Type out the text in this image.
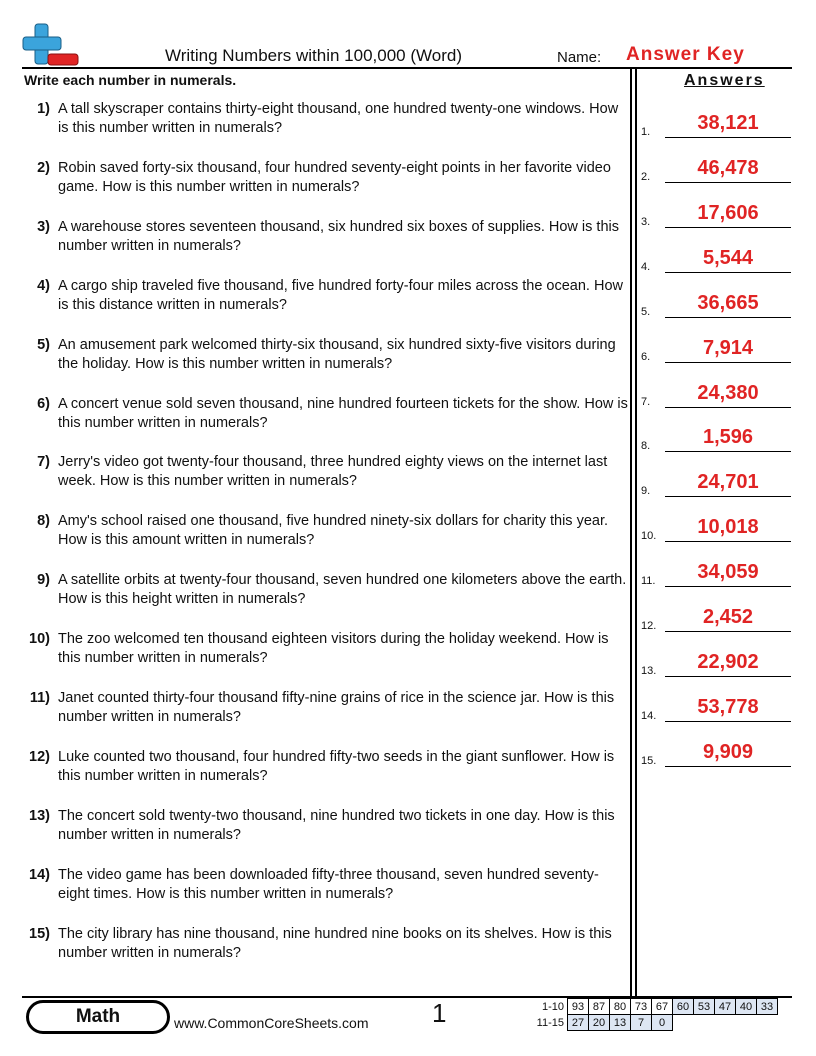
Writing Numbers within 100,000 (Word)	Name: Answer Key
Write each number in numerals.	Answers
1) A tall skyscraper contains thirty-eight thousand, one hundred twenty-one windows. How is this number written in numerals?
2) Robin saved forty-six thousand, four hundred seventy-eight points in her favorite video game. How is this number written in numerals?
3) A warehouse stores seventeen thousand, six hundred six boxes of supplies. How is this number written in numerals?
4) A cargo ship traveled five thousand, five hundred forty-four miles across the ocean. How is this distance written in numerals?
5) An amusement park welcomed thirty-six thousand, six hundred sixty-five visitors during the holiday. How is this number written in numerals?
6) A concert venue sold seven thousand, nine hundred fourteen tickets for the show. How is this number written in numerals?
7) Jerry's video got twenty-four thousand, three hundred eighty views on the internet last week. How is this number written in numerals?
8) Amy's school raised one thousand, five hundred ninety-six dollars for charity this year. How is this amount written in numerals?
9) A satellite orbits at twenty-four thousand, seven hundred one kilometers above the earth. How is this height written in numerals?
10) The zoo welcomed ten thousand eighteen visitors during the holiday weekend. How is this number written in numerals?
11) Janet counted thirty-four thousand fifty-nine grains of rice in the science jar. How is this number written in numerals?
12) Luke counted two thousand, four hundred fifty-two seeds in the giant sunflower. How is this number written in numerals?
13) The concert sold twenty-two thousand, nine hundred two tickets in one day. How is this number written in numerals?
14) The video game has been downloaded fifty-three thousand, seven hundred seventy-eight times. How is this number written in numerals?
15) The city library has nine thousand, nine hundred nine books on its shelves. How is this number written in numerals?
1.	38,121
2.	46,478
3.	17,606
4.	5,544
5.	36,665
6.	7,914
7.	24,380
8.	1,596
9.	24,701
10.	10,018
11.	34,059
12.	2,452
13.	22,902
14.	53,778
15.	9,909
Math	www.CommonCoreSheets.com 1	1-10	93	87	80	73	67	60	53	47	40	33
11-15	27	20	13	7	0					
